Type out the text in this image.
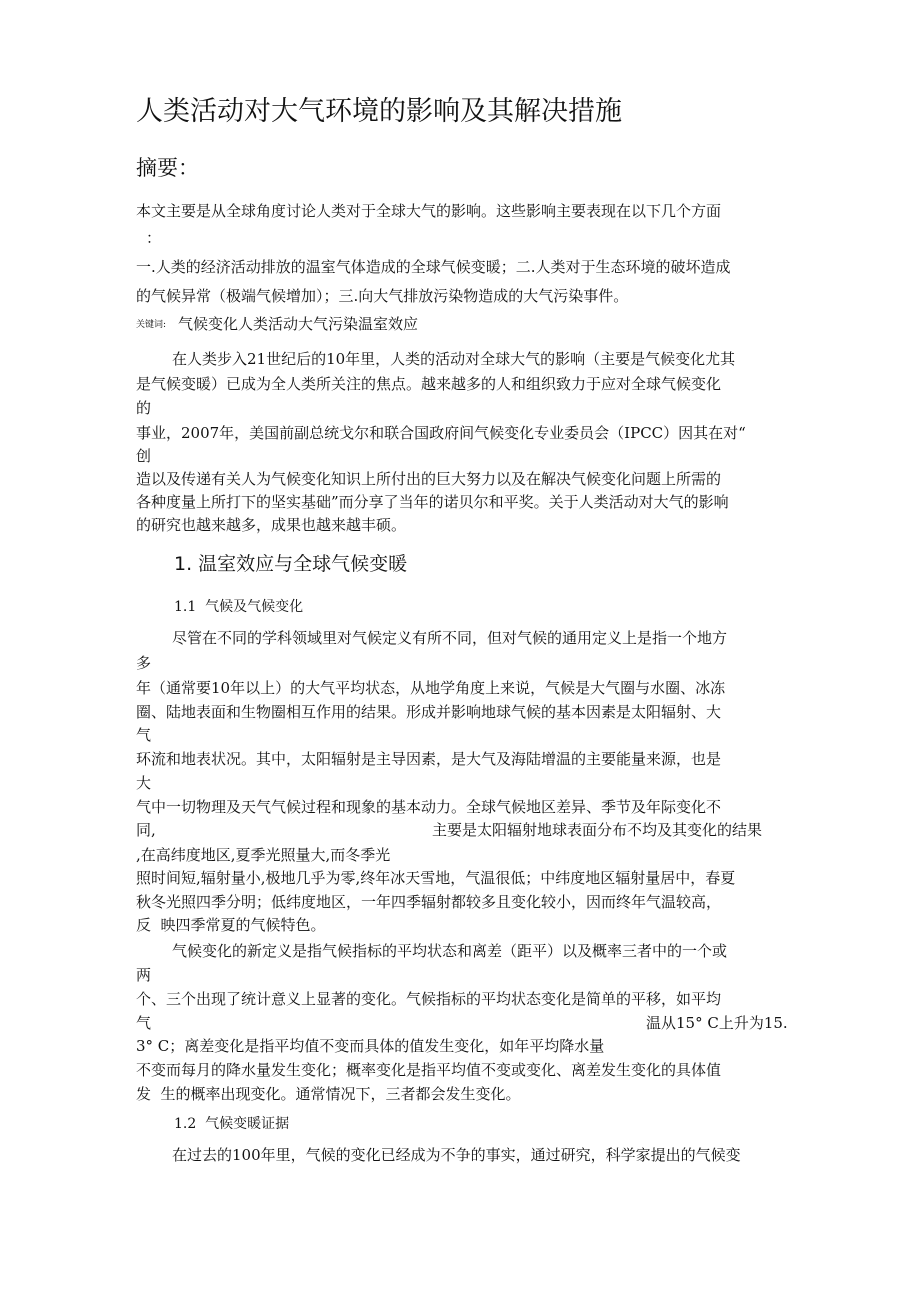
人类活动对大气环境的影响及其解决措施
摘要：
本文主要是从全球角度讨论人类对于全球大气的影响。这些影响主要表现在以下几个方面
：
一.人类的经济活动排放的温室气体造成的全球气候变暖；二.人类对于生态环境的破坏造成
的气候异常（极端气候增加）；三.向大气排放污染物造成的大气污染事件。
关键词: 气候变化人类活动大气污染温室效应
在人类步入21世纪后的10年里，人类的活动对全球大气的影响（主要是气候变化尤其
是气候变暖）已成为全人类所关注的焦点。越来越多的人和组织致力于应对全球气候变化
的
事业，2007年，美国前副总统戈尔和联合国政府间气候变化专业委员会（IPCC）因其在对“
创
造以及传递有关人为气候变化知识上所付出的巨大努力以及在解决气候变化问题上所需的
各种度量上所打下的坚实基础”而分享了当年的诺贝尔和平奖。关于人类活动对大气的影响
的研究也越来越多，成果也越来越丰硕。
1. 温室效应与全球气候变暖
1.1  气候及气候变化
尽管在不同的学科领域里对气候定义有所不同，但对气候的通用定义上是指一个地方
多
年（通常要10年以上）的大气平均状态，从地学角度上来说，气候是大气圈与水圈、冰冻
圈、陆地表面和生物圈相互作用的结果。形成并影响地球气候的基本因素是太阳辐射、大
气
环流和地表状况。其中，太阳辐射是主导因素，是大气及海陆增温的主要能量来源，也是
大
气中一切物理及天气气候过程和现象的基本动力。全球气候地区差异、季节及年际变化不
同,	主要是太阳辐射地球表面分布不均及其变化的结果
,在高纬度地区,夏季光照量大,而冬季光
照时间短,辐射量小,极地几乎为零,终年冰天雪地，气温很低；中纬度地区辐射量居中，春夏
秋冬光照四季分明；低纬度地区，一年四季辐射都较多且变化较小，因而终年气温较高，
反  映四季常夏的气候特色。
气候变化的新定义是指气候指标的平均状态和离差（距平）以及概率三者中的一个或
两
个、三个出现了统计意义上显著的变化。气候指标的平均状态变化是简单的平移，如平均
气	温从15° C上升为15.
3° C；离差变化是指平均值不变而具体的值发生变化，如年平均降水量
不变而每月的降水量发生变化；概率变化是指平均值不变或变化、离差发生变化的具体值
发  生的概率出现变化。通常情况下，三者都会发生变化。
1.2  气候变暖证据
在过去的100年里，气候的变化已经成为不争的事实，通过研究，科学家提出的气候变
